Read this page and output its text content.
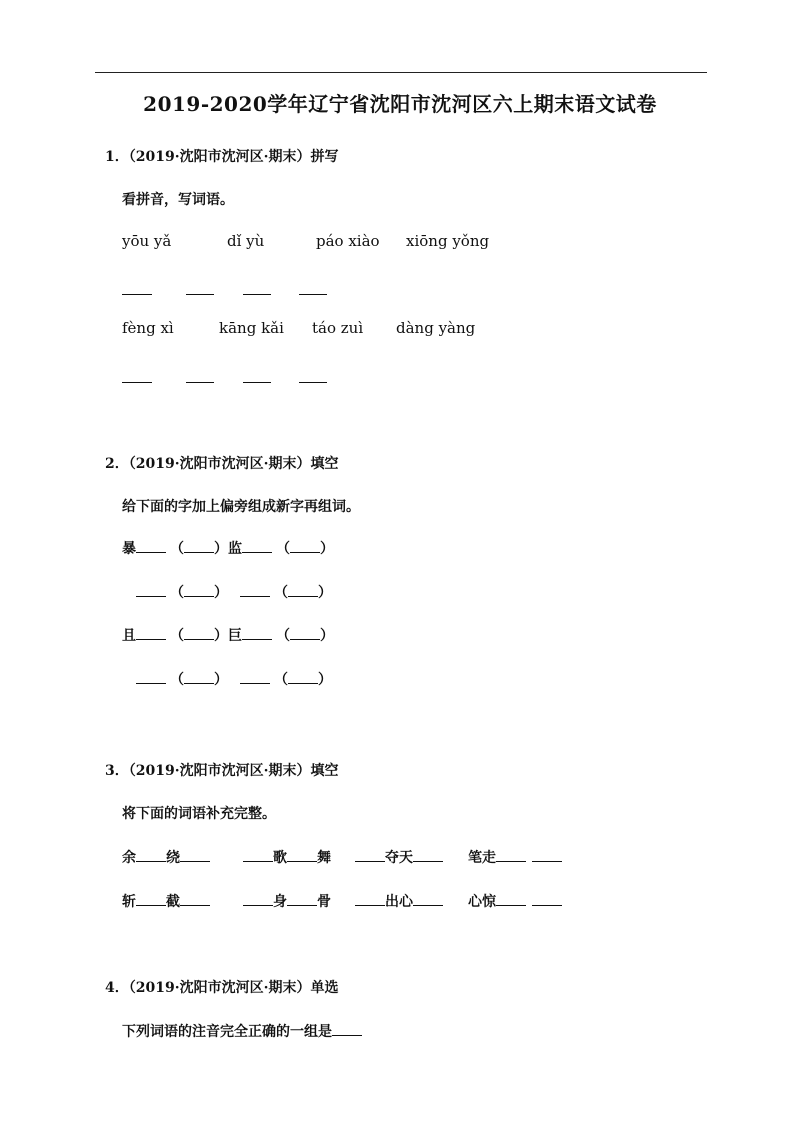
2019-2020学年辽宁省沈阳市沈河区六上期末语文试卷
1．（2019·沈阳市沈河区·期末）拼写
看拼音，写词语。
yōu yǎ	dǐ yù	páo xiào xiōng yǒng
fèng xì	kāng kǎi táo zuì dàng yàng
2．（2019·沈阳市沈河区·期末）填空
给下面的字加上偏旁组成新字再组词。
暴 （ ）监 （ ）
（ ）	（ ）
且 （ ）巨 （ ）
（ ）	（ ）
3．（2019·沈阳市沈河区·期末）填空
将下面的词语补充完整。
余 绕	歌 舞	夺天	笔走
斩 截	身 骨	出心	心惊
4．（2019·沈阳市沈河区·期末）单选
下列词语的注音完全正确的一组是
